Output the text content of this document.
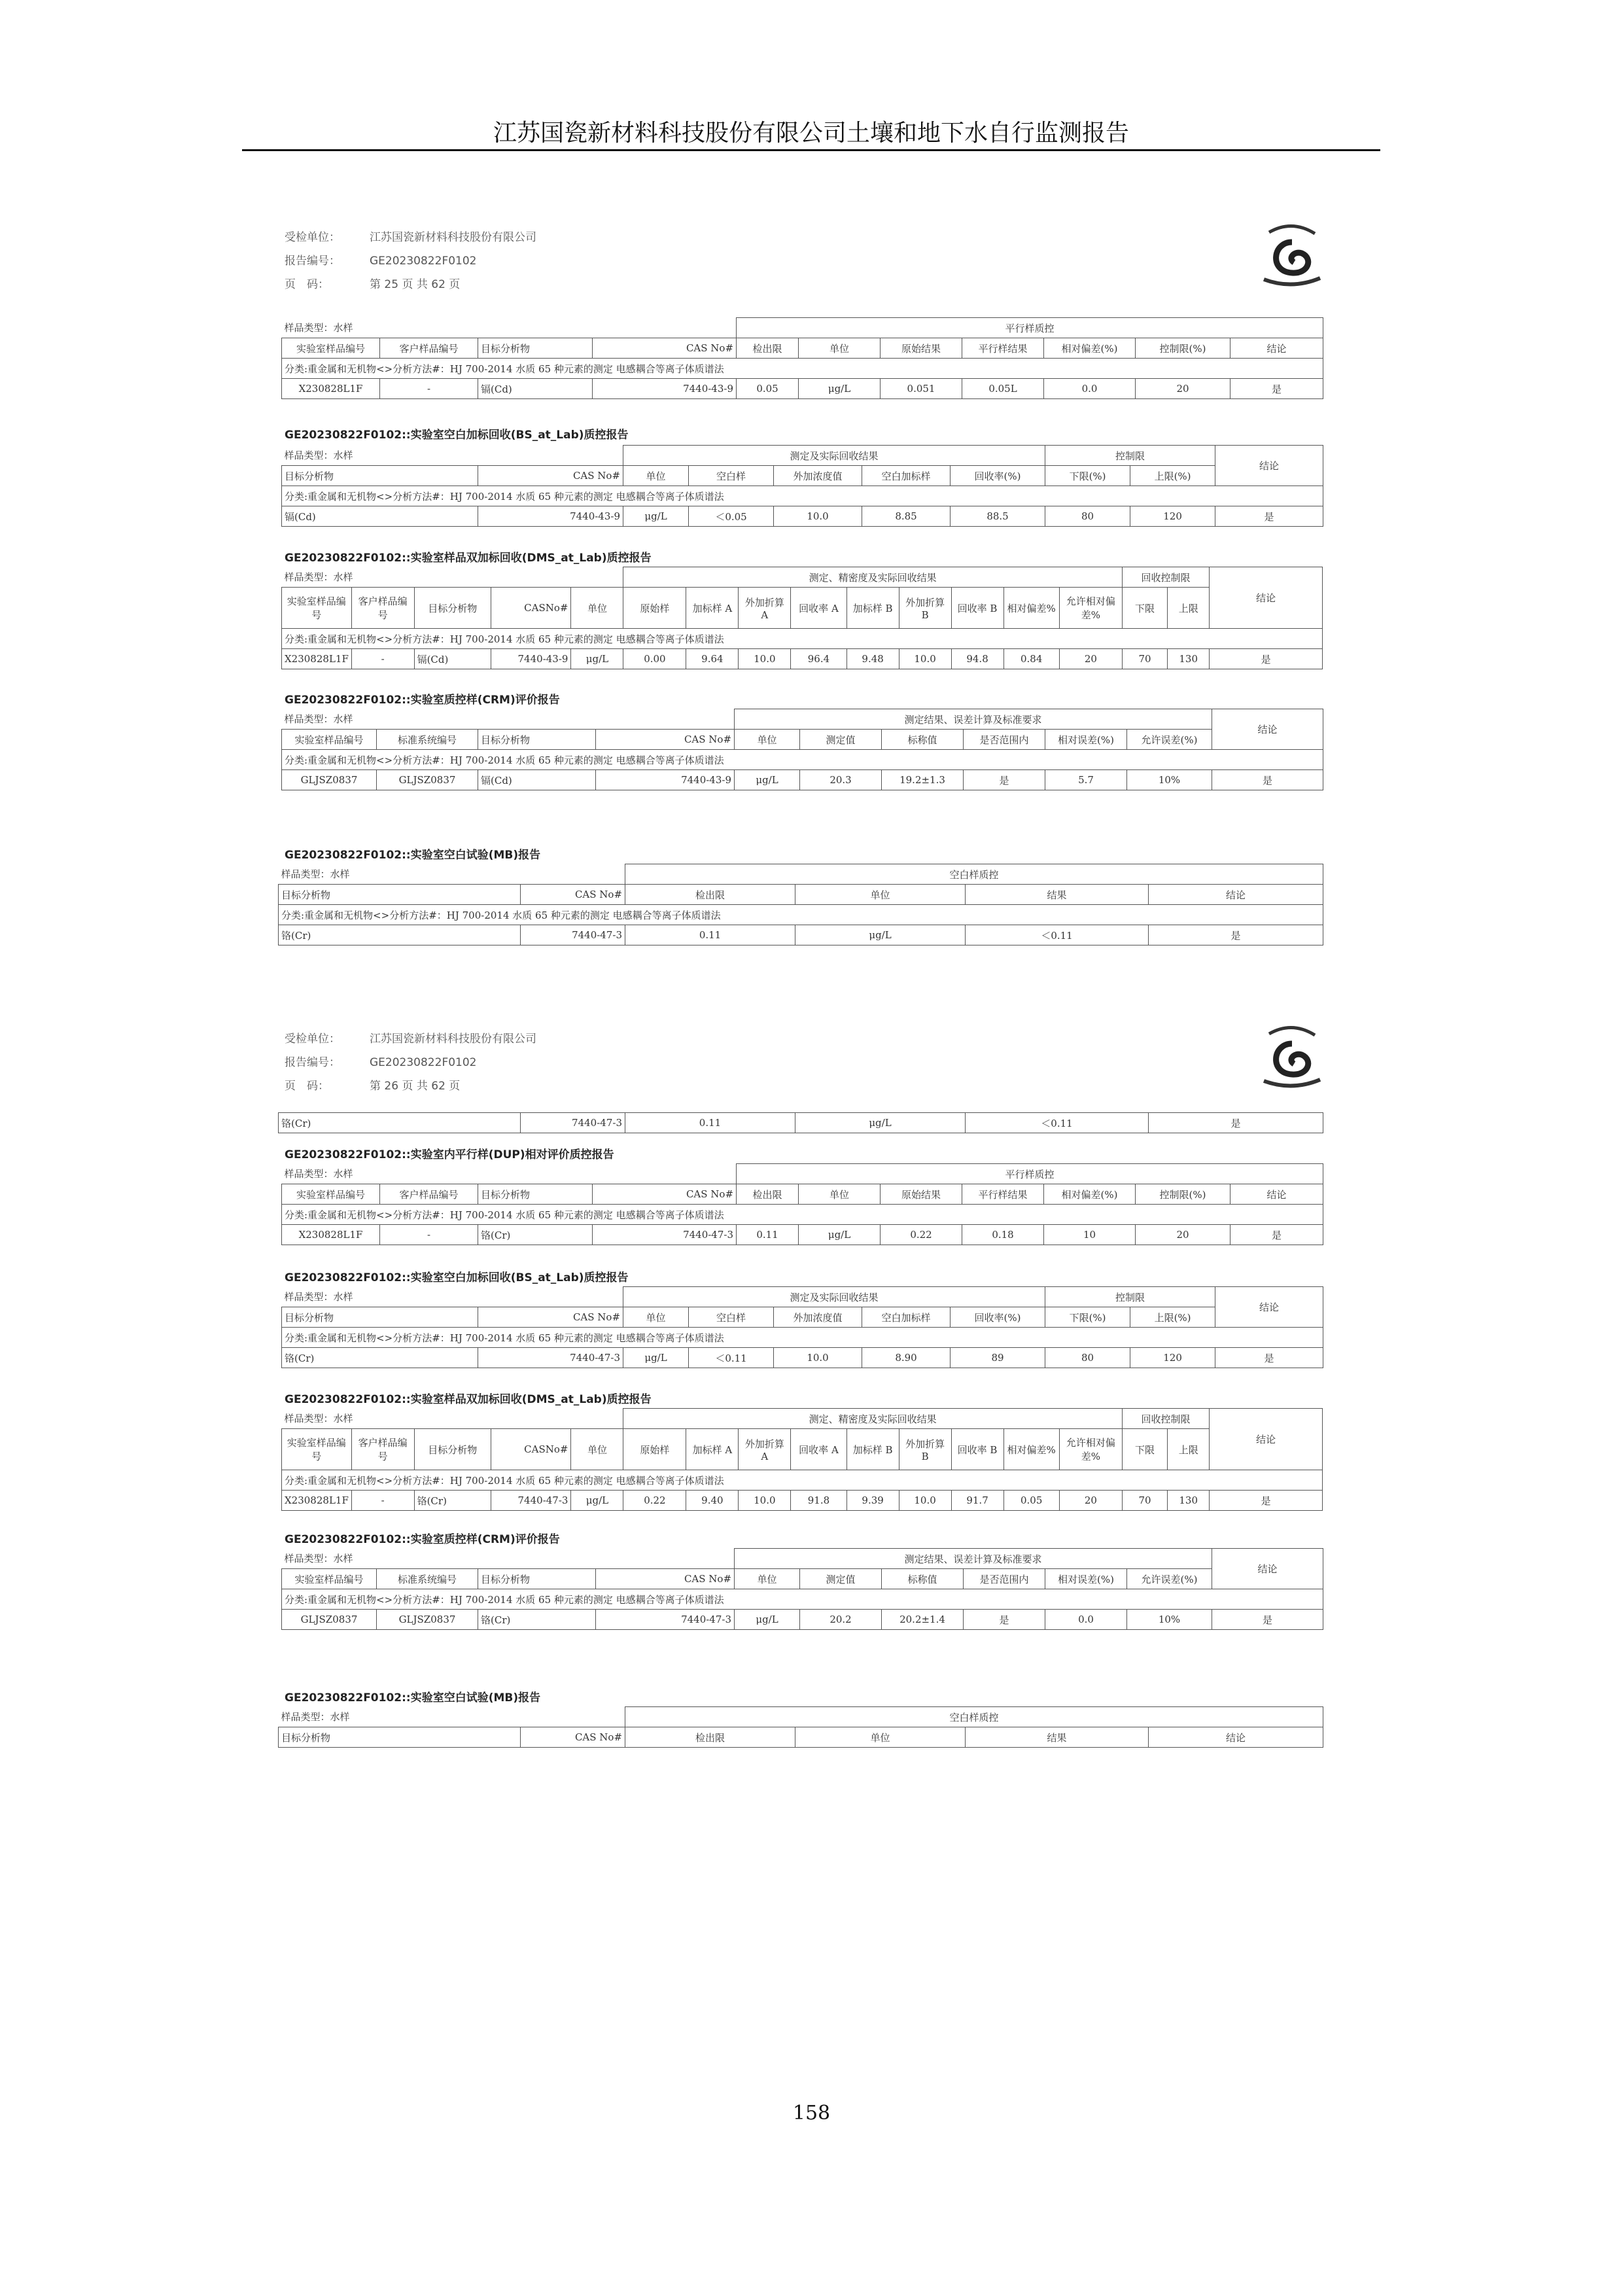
江苏国瓷新材料科技股份有限公司土壤和地下水自行监测报告
受检单位：	江苏国瓷新材料科技股份有限公司
报告编号：	GE20230822F0102
页　码：	第 25 页 共 62 页
样品类型：水样				平行样质控						
实验室样品编号	客户样品编号	目标分析物	CAS No#	检出限	单位	原始结果	平行样结果	相对偏差(%)	控制限(%)	结论
分类:重金属和无机物<>分析方法#：HJ 700-2014 水质 65 种元素的测定 电感耦合等离子体质谱法										
X230828L1F	-	镉(Cd)	7440-43-9	0.05	μg/L	0.051	0.05L	0.0	20	是
GE20230822F0102::实验室空白加标回收(BS_at_Lab)质控报告
样品类型：水样		测定及实际回收结果					控制限		结论
目标分析物	CAS No#	单位	空白样	外加浓度值	空白加标样	回收率(%)	下限(%)	上限(%)	
分类:重金属和无机物<>分析方法#：HJ 700-2014 水质 65 种元素的测定 电感耦合等离子体质谱法									
镉(Cd)	7440-43-9	μg/L	＜0.05	10.0	8.85	88.5	80	120	是
GE20230822F0102::实验室样品双加标回收(DMS_at_Lab)质控报告
样品类型：水样					测定、精密度及实际回收结果									回收控制限		结论
实验室样品编号	客户样品编号	目标分析物	CASNo#	单位	原始样	加标样 A	外加折算 A	回收率 A	加标样 B	外加折算 B	回收率 B	相对偏差%	允许相对偏差%	下限	上限	
分类:重金属和无机物<>分析方法#：HJ 700-2014 水质 65 种元素的测定 电感耦合等离子体质谱法																
X230828L1F	-	镉(Cd)	7440-43-9	μg/L	0.00	9.64	10.0	96.4	9.48	10.0	94.8	0.84	20	70	130	是
GE20230822F0102::实验室质控样(CRM)评价报告
样品类型：水样				测定结果、误差计算及标准要求						结论
实验室样品编号	标准系统编号	目标分析物	CAS No#	单位	测定值	标称值	是否范围内	相对误差(%)	允许误差(%)	
分类:重金属和无机物<>分析方法#：HJ 700-2014 水质 65 种元素的测定 电感耦合等离子体质谱法										
GLJSZ0837	GLJSZ0837	镉(Cd)	7440-43-9	μg/L	20.3	19.2±1.3	是	5.7	10%	是
GE20230822F0102::实验室空白试验(MB)报告
样品类型：水样		空白样质控			
目标分析物	CAS No#	检出限	单位	结果	结论
分类:重金属和无机物<>分析方法#：HJ 700-2014 水质 65 种元素的测定 电感耦合等离子体质谱法					
铬(Cr)	7440-47-3	0.11	μg/L	＜0.11	是
受检单位：	江苏国瓷新材料科技股份有限公司
报告编号：	GE20230822F0102
页　码：	第 26 页 共 62 页
铬(Cr)	7440-47-3	0.11	μg/L	＜0.11	是
GE20230822F0102::实验室内平行样(DUP)相对评价质控报告
样品类型：水样				平行样质控						
实验室样品编号	客户样品编号	目标分析物	CAS No#	检出限	单位	原始结果	平行样结果	相对偏差(%)	控制限(%)	结论
分类:重金属和无机物<>分析方法#：HJ 700-2014 水质 65 种元素的测定 电感耦合等离子体质谱法										
X230828L1F	-	铬(Cr)	7440-47-3	0.11	μg/L	0.22	0.18	10	20	是
GE20230822F0102::实验室空白加标回收(BS_at_Lab)质控报告
样品类型：水样		测定及实际回收结果					控制限		结论
目标分析物	CAS No#	单位	空白样	外加浓度值	空白加标样	回收率(%)	下限(%)	上限(%)	
分类:重金属和无机物<>分析方法#：HJ 700-2014 水质 65 种元素的测定 电感耦合等离子体质谱法									
铬(Cr)	7440-47-3	μg/L	＜0.11	10.0	8.90	89	80	120	是
GE20230822F0102::实验室样品双加标回收(DMS_at_Lab)质控报告
样品类型：水样					测定、精密度及实际回收结果									回收控制限		结论
实验室样品编号	客户样品编号	目标分析物	CASNo#	单位	原始样	加标样 A	外加折算 A	回收率 A	加标样 B	外加折算 B	回收率 B	相对偏差%	允许相对偏差%	下限	上限	
分类:重金属和无机物<>分析方法#：HJ 700-2014 水质 65 种元素的测定 电感耦合等离子体质谱法																
X230828L1F	-	铬(Cr)	7440-47-3	μg/L	0.22	9.40	10.0	91.8	9.39	10.0	91.7	0.05	20	70	130	是
GE20230822F0102::实验室质控样(CRM)评价报告
样品类型：水样				测定结果、误差计算及标准要求						结论
实验室样品编号	标准系统编号	目标分析物	CAS No#	单位	测定值	标称值	是否范围内	相对误差(%)	允许误差(%)	
分类:重金属和无机物<>分析方法#：HJ 700-2014 水质 65 种元素的测定 电感耦合等离子体质谱法										
GLJSZ0837	GLJSZ0837	铬(Cr)	7440-47-3	μg/L	20.2	20.2±1.4	是	0.0	10%	是
GE20230822F0102::实验室空白试验(MB)报告
样品类型：水样		空白样质控			
目标分析物	CAS No#	检出限	单位	结果	结论
158
